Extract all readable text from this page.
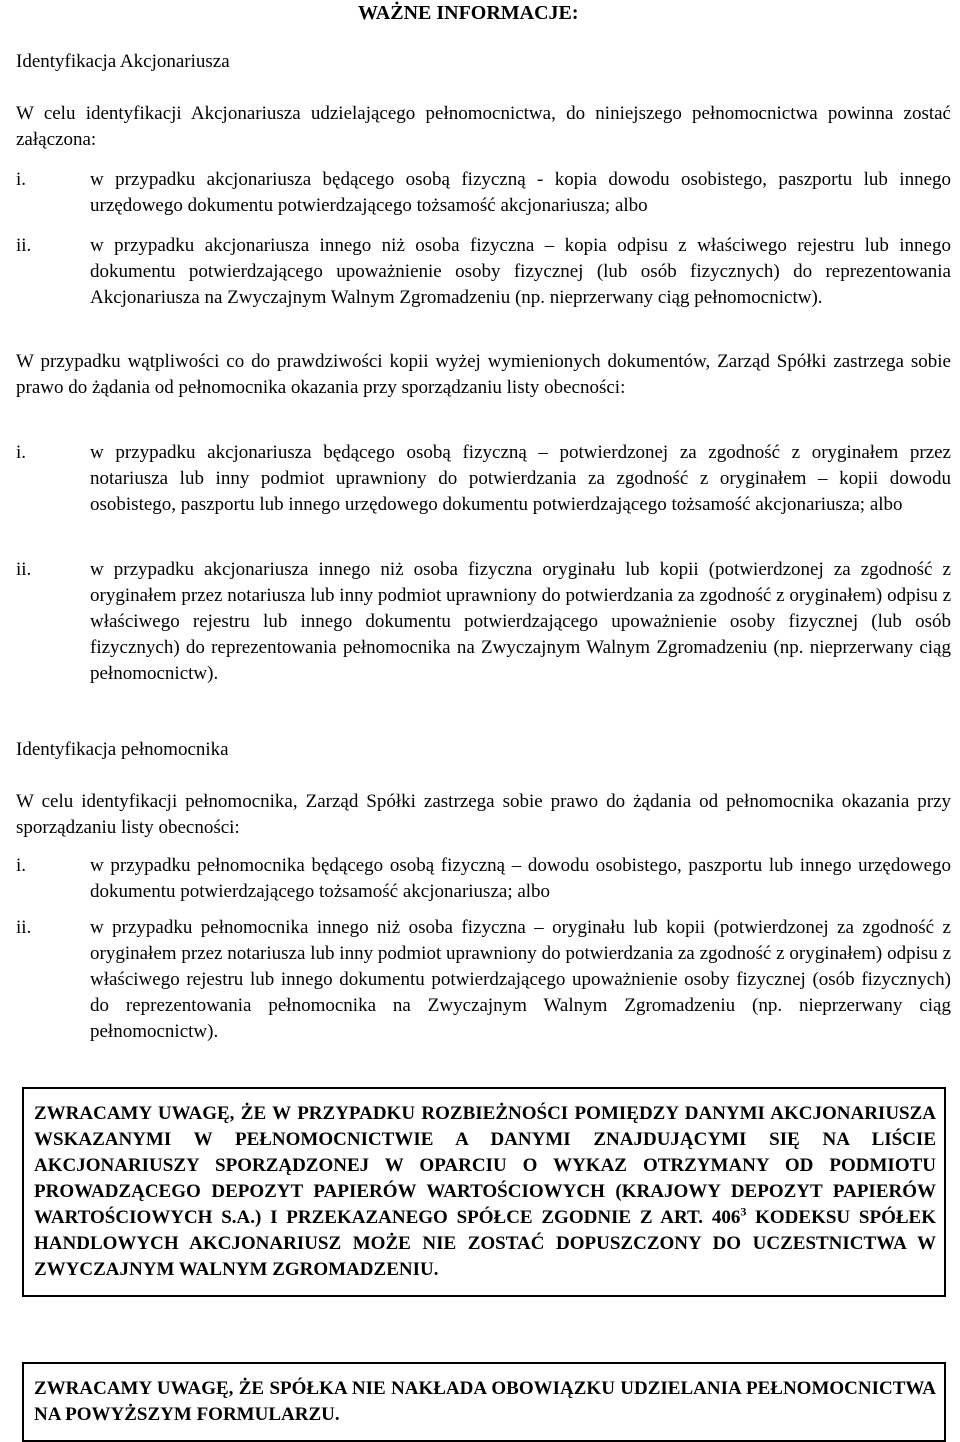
WAŻNE INFORMACJE:
Identyfikacja Akcjonariusza
W celu identyfikacji Akcjonariusza udzielającego pełnomocnictwa, do niniejszego pełnomocnictwa powinna zostać załączona:
i.	w przypadku akcjonariusza będącego osobą fizyczną - kopia dowodu osobistego, paszportu lub innego urzędowego dokumentu potwierdzającego tożsamość akcjonariusza; albo
ii.	w przypadku akcjonariusza innego niż osoba fizyczna – kopia odpisu z właściwego rejestru lub innego dokumentu potwierdzającego upoważnienie osoby fizycznej (lub osób fizycznych) do reprezentowania Akcjonariusza na Zwyczajnym Walnym Zgromadzeniu (np. nieprzerwany ciąg pełnomocnictw).
W przypadku wątpliwości co do prawdziwości kopii wyżej wymienionych dokumentów, Zarząd Spółki zastrzega sobie prawo do żądania od pełnomocnika okazania przy sporządzaniu listy obecności:
i.	w przypadku akcjonariusza będącego osobą fizyczną – potwierdzonej za zgodność z oryginałem przez notariusza lub inny podmiot uprawniony do potwierdzania za zgodność z oryginałem – kopii dowodu osobistego, paszportu lub innego urzędowego dokumentu potwierdzającego tożsamość akcjonariusza; albo
ii.	w przypadku akcjonariusza innego niż osoba fizyczna oryginału lub kopii (potwierdzonej za zgodność z oryginałem przez notariusza lub inny podmiot uprawniony do potwierdzania za zgodność z oryginałem) odpisu z właściwego rejestru lub innego dokumentu potwierdzającego upoważnienie osoby fizycznej (lub osób fizycznych) do reprezentowania pełnomocnika na Zwyczajnym Walnym Zgromadzeniu (np. nieprzerwany ciąg pełnomocnictw).
Identyfikacja pełnomocnika
W celu identyfikacji pełnomocnika, Zarząd Spółki zastrzega sobie prawo do żądania od pełnomocnika okazania przy sporządzaniu listy obecności:
i.	w przypadku pełnomocnika będącego osobą fizyczną – dowodu osobistego, paszportu lub innego urzędowego dokumentu potwierdzającego tożsamość akcjonariusza; albo
ii.	w przypadku pełnomocnika innego niż osoba fizyczna – oryginału lub kopii (potwierdzonej za zgodność z oryginałem przez notariusza lub inny podmiot uprawniony do potwierdzania za zgodność z oryginałem) odpisu z właściwego rejestru lub innego dokumentu potwierdzającego upoważnienie osoby fizycznej (osób fizycznych) do reprezentowania pełnomocnika na Zwyczajnym Walnym Zgromadzeniu (np. nieprzerwany ciąg pełnomocnictw).
ZWRACAMY UWAGĘ, ŻE W PRZYPADKU ROZBIEŻNOŚCI POMIĘDZY DANYMI AKCJONARIUSZA WSKAZANYMI W PEŁNOMOCNICTWIE A DANYMI ZNAJDUJĄCYMI SIĘ NA LIŚCIE AKCJONARIUSZY SPORZĄDZONEJ W OPARCIU O WYKAZ OTRZYMANY OD PODMIOTU PROWADZĄCEGO DEPOZYT PAPIERÓW WARTOŚCIOWYCH (KRAJOWY DEPOZYT PAPIERÓW WARTOŚCIOWYCH S.A.) I PRZEKAZANEGO SPÓŁCE ZGODNIE Z ART. $406^3$ KODEKSU SPÓŁEK HANDLOWYCH AKCJONARIUSZ MOŻE NIE ZOSTAĆ DOPUSZCZONY DO UCZESTNICTWA W ZWYCZAJNYM WALNYM ZGROMADZENIU.
ZWRACAMY UWAGĘ, ŻE SPÓŁKA NIE NAKŁADA OBOWIĄZKU UDZIELANIA PEŁNOMOCNICTWA NA POWYŻSZYM FORMULARZU.
